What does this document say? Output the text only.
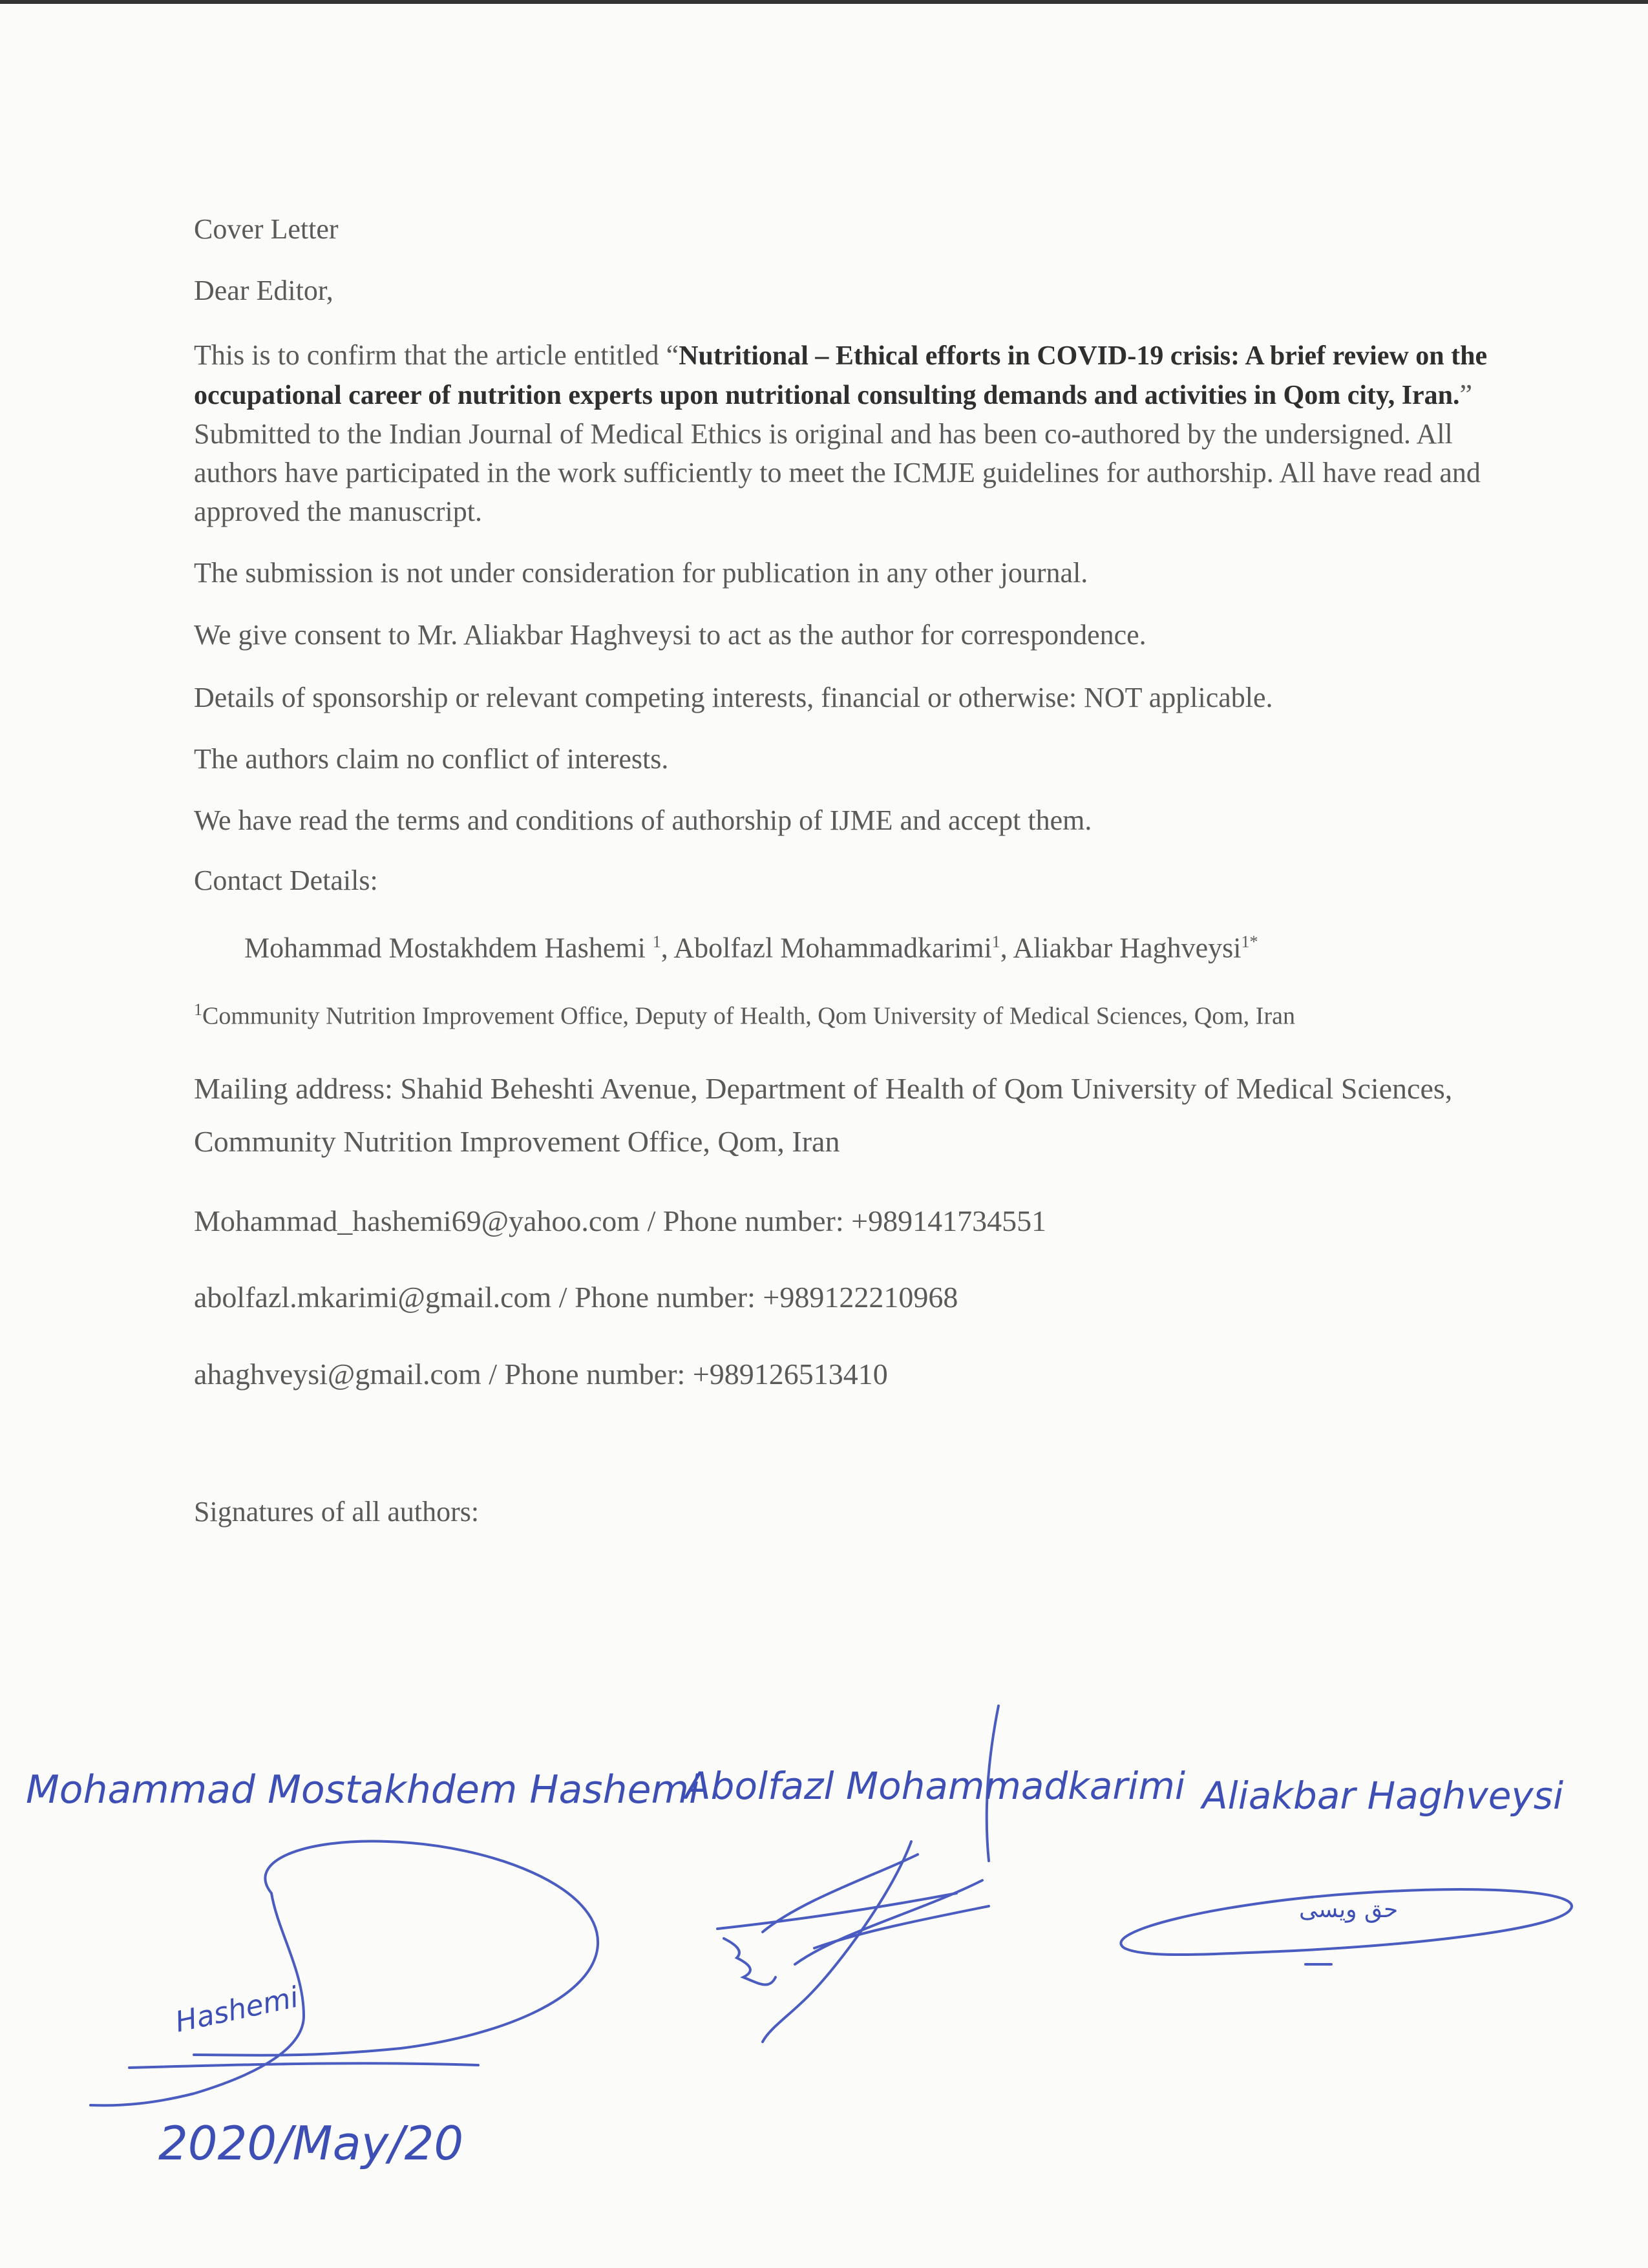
Cover Letter
Dear Editor,

This is to confirm that the article entitled “Nutritional – Ethical efforts in COVID-19 crisis: A brief review on the occupational career of nutrition experts upon nutritional consulting demands and activities in Qom city, Iran.” Submitted to the Indian Journal of Medical Ethics is original and has been co-authored by the undersigned. All authors have participated in the work sufficiently to meet the ICMJE guidelines for authorship. All have read and approved the manuscript.

The submission is not under consideration for publication in any other journal.
We give consent to Mr. Aliakbar Haghveysi to act as the author for correspondence.
Details of sponsorship or relevant competing interests, financial or otherwise: NOT applicable.
The authors claim no conflict of interests.
We have read the terms and conditions of authorship of IJME and accept them.
Contact Details:
Mohammad Mostakhdem Hashemi $^1$, Abolfazl Mohammadkarimi$^1$, Aliakbar Haghveysi$^{1*}$
$^1$Community Nutrition Improvement Office, Deputy of Health, Qom University of Medical Sciences, Qom, Iran

Mailing address: Shahid Beheshti Avenue, Department of Health of Qom University of Medical Sciences, Community Nutrition Improvement Office, Qom, Iran

Mohammad_hashemi69@yahoo.com / Phone number: +989141734551
abolfazl.mkarimi@gmail.com / Phone number: +989122210968
ahaghveysi@gmail.com / Phone number: +989126513410
Signatures of all authors:
Mohammad Mostakhdem Hashemi
Abolfazl Mohammadkarimi Aliakbar Haghveysi
Hashemi
حق ویسی
2020/May/20
